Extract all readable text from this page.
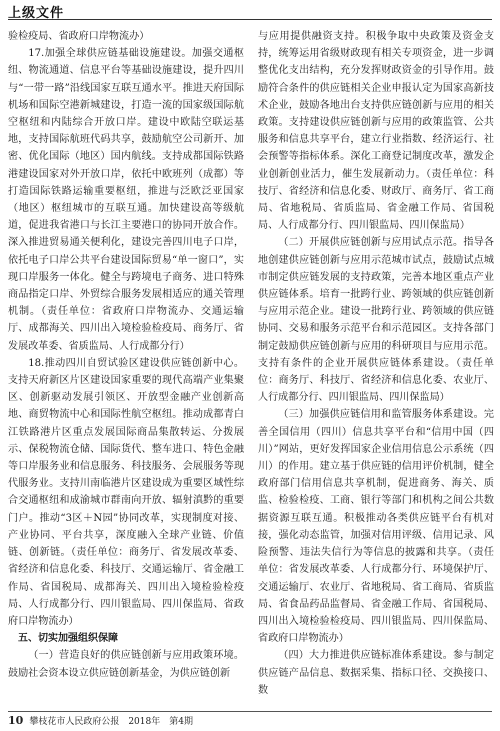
上级文件

验检疫局、省政府口岸物流办）

17.加强全球供应链基础设施建设。加强交通枢纽、物流通道、信息平台等基础设施建设，提升四川与“一带一路”沿线国家互联互通水平。推进天府国际机场和国际空港新城建设，打造一流的国家级国际航空枢纽和内陆综合开放口岸。建设中欧陆空联运基地，支持国际航班代码共享，鼓励航空公司新开、加密、优化国际（地区）国内航线。支持成都国际铁路港建设国家对外开放口岸，依托中欧班列（成都）等打造国际铁路运输重要枢纽，推进与泛欧泛亚国家（地区）枢纽城市的互联互通。加快建设高等级航道，促进我省港口与长江主要港口的协同开放合作。深入推进贸易通关便利化，建设完善四川电子口岸，依托电子口岸公共平台建设国际贸易“单一窗口”，实现口岸服务一体化。健全与跨境电子商务、进口特殊商品指定口岸、外贸综合服务发展相适应的通关管理机制。（责任单位：省政府口岸物流办、交通运输厅、成都海关、四川出入境检验检疫局、商务厅、省发展改革委、省质监局、人行成都分行）

18.推动四川自贸试验区建设供应链创新中心。支持天府新区片区建设国家重要的现代高端产业集聚区、创新驱动发展引领区、开放型金融产业创新高地、商贸物流中心和国际性航空枢纽。推动成都青白江铁路港片区重点发展国际商品集散转运、分拨展示、保税物流仓储、国际货代、整车进口、特色金融等口岸服务业和信息服务、科技服务、会展服务等现代服务业。支持川南临港片区建设成为重要区域性综合交通枢纽和成渝城市群南向开放、辐射滇黔的重要门户。推动“3区＋N园”协同改革，实现制度对接、产业协同、平台共享，深度融入全球产业链、价值链、创新链。（责任单位：商务厅、省发展改革委、省经济和信息化委、科技厅、交通运输厅、省金融工作局、省国税局、成都海关、四川出入境检验检疫局、人行成都分行、四川银监局、四川保监局、省政府口岸物流办）

五、切实加强组织保障

（一）营造良好的供应链创新与应用政策环境。鼓励社会资本设立供应链创新基金，为供应链创新

与应用提供融资支持。积极争取中央政策及资金支持，统筹运用省级财政现有相关专项资金，进一步调整优化支出结构，充分发挥财政资金的引导作用。鼓励符合条件的供应链相关企业申报认定为国家高新技术企业，鼓励各地出台支持供应链创新与应用的相关政策。支持建设供应链创新与应用的政策监管、公共服务和信息共享平台，建立行业指数、经济运行、社会预警等指标体系。深化工商登记制度改革，激发企业创新创业活力，催生发展新动力。（责任单位：科技厅、省经济和信息化委、财政厅、商务厅、省工商局、省地税局、省质监局、省金融工作局、省国税局、人行成都分行、四川银监局、四川保监局）

（二）开展供应链创新与应用试点示范。指导各地创建供应链创新与应用示范城市试点，鼓励试点城市制定供应链发展的支持政策，完善本地区重点产业供应链体系。培育一批跨行业、跨领域的供应链创新与应用示范企业。建设一批跨行业、跨领域的供应链协同、交易和服务示范平台和示范园区。支持各部门制定鼓励供应链创新与应用的科研项目与应用示范。支持有条件的企业开展供应链体系建设。（责任单位：商务厅、科技厅、省经济和信息化委、农业厅、人行成都分行、四川银监局、四川保监局）

（三）加强供应链信用和监管服务体系建设。完善全国信用（四川）信息共享平台和“信用中国（四川）”网站，更好发挥国家企业信用信息公示系统（四川）的作用。建立基于供应链的信用评价机制，健全政府部门信用信息共享机制，促进商务、海关、质监、检验检疫、工商、银行等部门和机构之间公共数据资源互联互通。积极推动各类供应链平台有机对接，强化动态监管，加强对信用评级、信用记录、风险预警、违法失信行为等信息的披露和共享。（责任单位：省发展改革委、人行成都分行、环境保护厅、交通运输厅、农业厅、省地税局、省工商局、省质监局、省食品药品监督局、省金融工作局、省国税局、四川出入境检验检疫局、四川银监局、四川保监局、省政府口岸物流办）

（四）大力推进供应链标准体系建设。参与制定供应链产品信息、数据采集、指标口径、交换接口、数

10 攀枝花市人民政府公报　2018年　第4期
